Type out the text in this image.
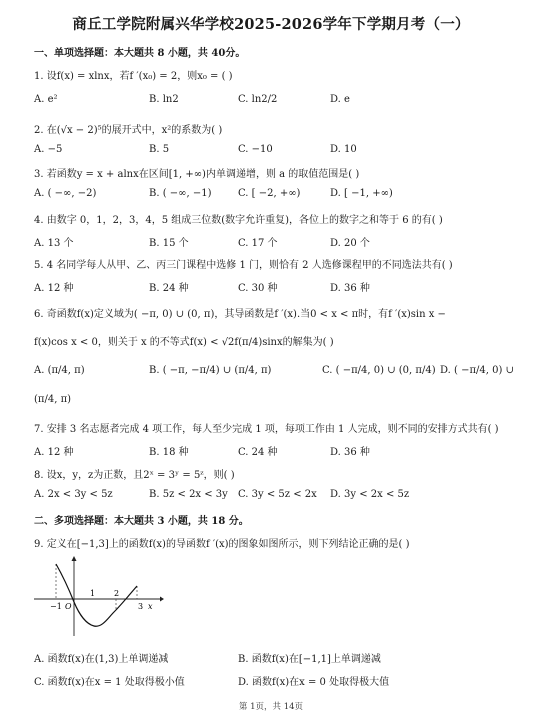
商丘工学院附属兴华学校2025-2026学年下学期月考（一）
一、单项选择题：本大题共 8 小题，共 40分。
1. 设f(x) = xlnx，若f ′(x₀) = 2，则x₀ = ( )
A. e²	B. ln2	C. ln2/2	D. e
2. 在(√x − 2)⁵的展开式中，x²的系数为( )
A. −5	B. 5	C. −10	D. 10
3. 若函数y = x + alnx在区间[1, +∞)内单调递增，则 a 的取值范围是( )
A. ( −∞, −2)	B. ( −∞, −1)	C. [ −2, +∞)	D. [ −1, +∞)
4. 由数字 0，1，2，3，4，5 组成三位数(数字允许重复)，各位上的数字之和等于 6 的有( )
A. 13 个	B. 15 个	C. 17 个	D. 20 个
5. 4 名同学每人从甲、乙、丙三门课程中选修 1 门，则恰有 2 人选修课程甲的不同选法共有( )
A. 12 种	B. 24 种	C. 30 种	D. 36 种
6. 奇函数f(x)定义域为( −π, 0) ∪ (0, π)，其导函数是f ′(x).当0 < x < π时，有f ′(x)sin x −
f(x)cos x < 0，则关于 x 的不等式f(x) < √2f(π/4)sinx的解集为( )
A. (π/4, π)	B. ( −π, −π/4) ∪ (π/4, π)	C. ( −π/4, 0) ∪ (0, π/4) D. ( −π/4, 0) ∪
(π/4, π)
7. 安排 3 名志愿者完成 4 项工作，每人至少完成 1 项，每项工作由 1 人完成，则不同的安排方式共有( )
A. 12 种	B. 18 种	C. 24 种	D. 36 种
8. 设x，y，z为正数，且2ˣ = 3ʸ = 5ᶻ，则( )
A. 2x < 3y < 5z	B. 5z < 2x < 3y C. 3y < 5z < 2x D. 3y < 2x < 5z
二、多项选择题：本大题共 3 小题，共 18 分。
9. 定义在[−1,3]上的函数f(x)的导函数f ′(x)的图象如图所示，则下列结论正确的是( )
−1 O
1 2
3 x
A. 函数f(x)在(1,3)上单调递减	B. 函数f(x)在[−1,1]上单调递减
C. 函数f(x)在x = 1 处取得极小值	D. 函数f(x)在x = 0 处取得极大值
第 1页，共 14页
